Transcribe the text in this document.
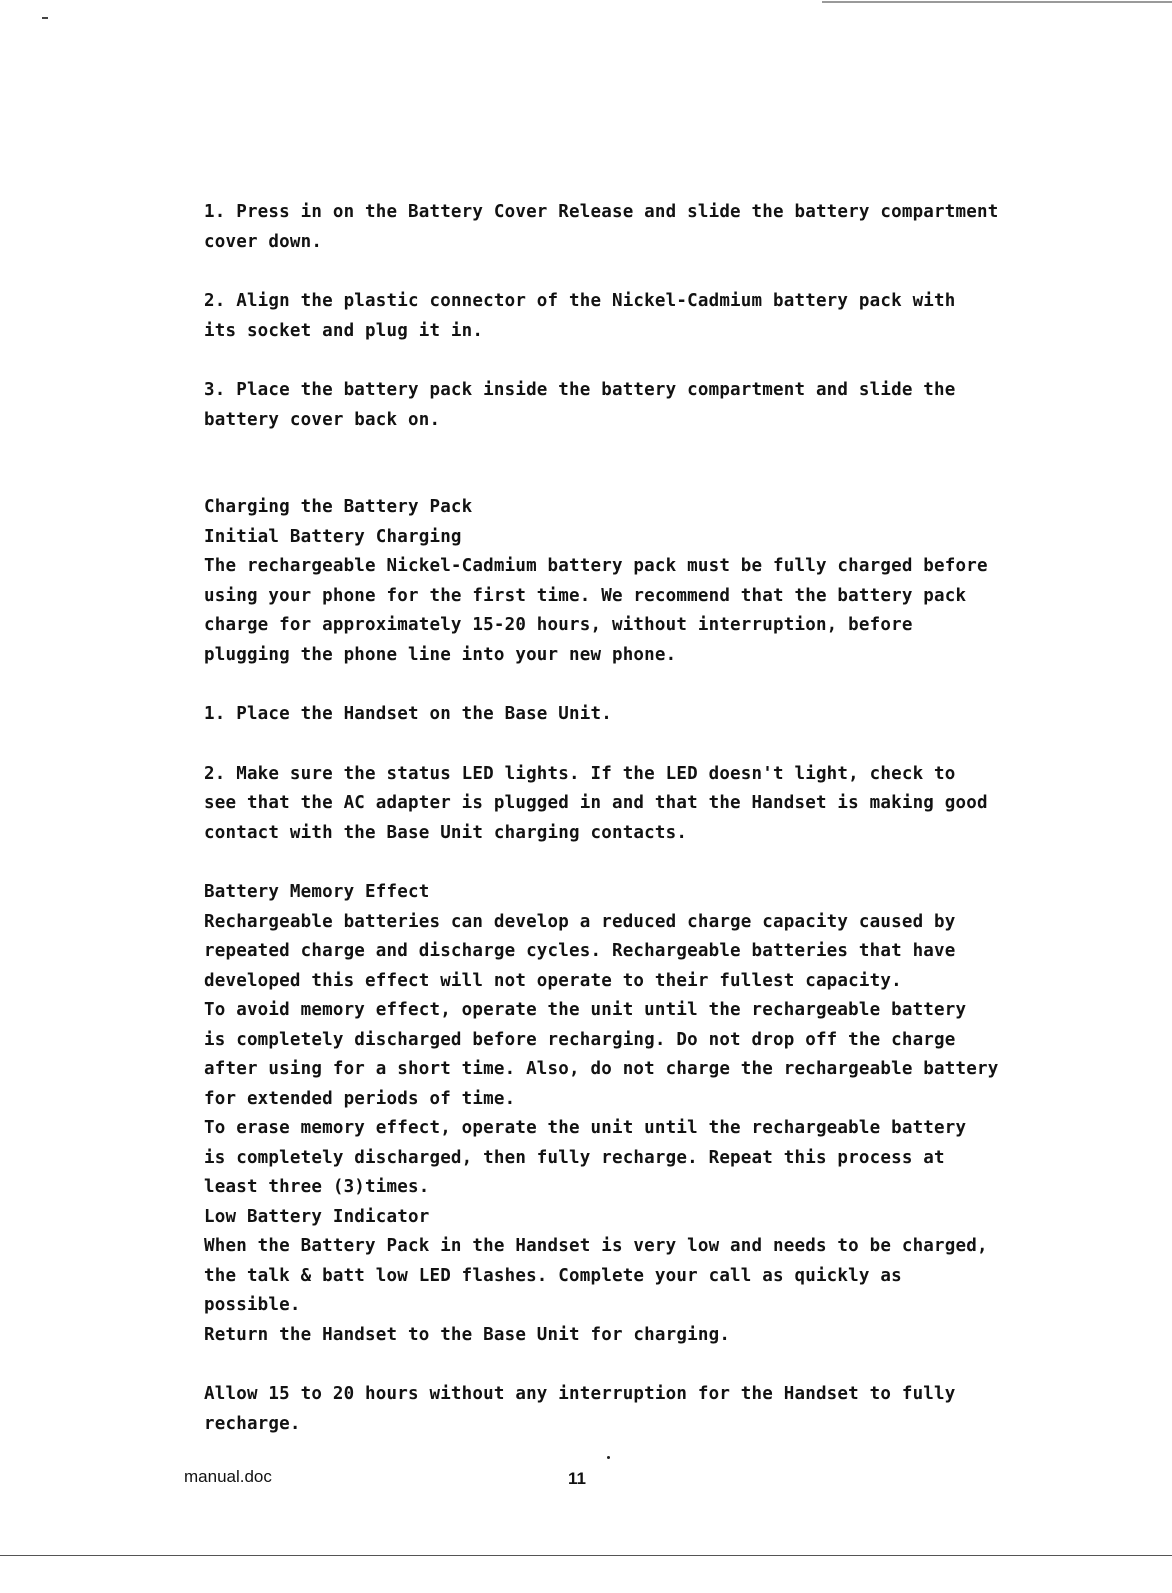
1. Press in on the Battery Cover Release and slide the battery compartment
cover down.

2. Align the plastic connector of the Nickel-Cadmium battery pack with
its socket and plug it in.

3. Place the battery pack inside the battery compartment and slide the
battery cover back on.

Charging the Battery Pack

Initial Battery Charging

The rechargeable Nickel-Cadmium battery pack must be fully charged before
using your phone for the first time. We recommend that the battery pack
charge for approximately 15-20 hours, without interruption, before
plugging the phone line into your new phone.

1. Place the Handset on the Base Unit.

2. Make sure the status LED lights. If the LED doesn't light, check to
see that the AC adapter is plugged in and that the Handset is making good
contact with the Base Unit charging contacts.

Battery Memory Effect

Rechargeable batteries can develop a reduced charge capacity caused by
repeated charge and discharge cycles. Rechargeable batteries that have
developed this effect will not operate to their fullest capacity.

To avoid memory effect, operate the unit until the rechargeable battery
is completely discharged before recharging. Do not drop off the charge
after using for a short time. Also, do not charge the rechargeable battery
for extended periods of time.

To erase memory effect, operate the unit until the rechargeable battery
is completely discharged, then fully recharge. Repeat this process at
least three (3)times.

Low Battery Indicator

When the Battery Pack in the Handset is very low and needs to be charged,
the talk & batt low LED flashes. Complete your call as quickly as possible.
Return the Handset to the Base Unit for charging.

Allow 15 to 20 hours without any interruption for the Handset to fully
recharge.

manual.doc	11
